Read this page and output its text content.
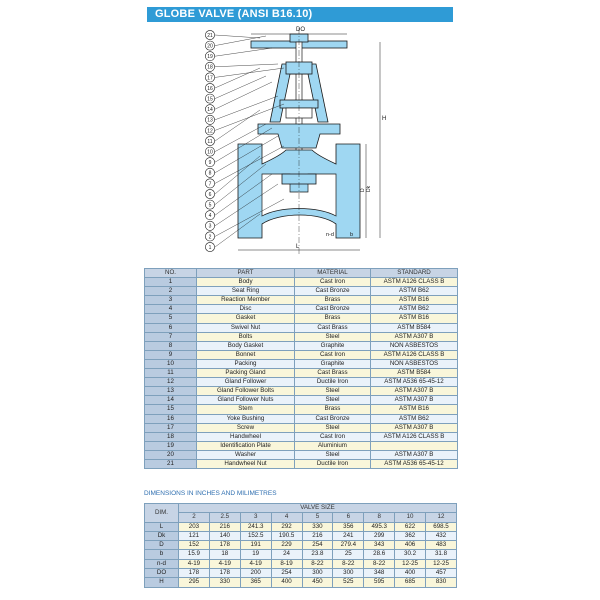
GLOBE VALVE (ANSI B16.10)
DO
H
L
D Dk
n-d	b
21
20
19
18
17
16
15
14
13
12
11
10
9
8
7
6
5
4
3
2
1
NO.	PART	MATERIAL	STANDARD
1	Body	Cast Iron	ASTM A126 CLASS B
2	Seat Ring	Cast Bronze	ASTM B62
3	Reaction Member	Brass	ASTM B16
4	Disc	Cast Bronze	ASTM B62
5	Gasket	Brass	ASTM B16
6	Swivel Nut	Cast Brass	ASTM B584
7	Bolts	Steel	ASTM A307 B
8	Body Gasket	Graphite	NON ASBESTOS
9	Bonnet	Cast Iron	ASTM A126 CLASS B
10	Packing	Graphite	NON ASBESTOS
11	Packing Gland	Cast Brass	ASTM B584
12	Gland Follower	Ductile Iron	ASTM A536 65-45-12
13	Gland Follower Bolts	Steel	ASTM A307 B
14	Gland Follower Nuts	Steel	ASTM A307 B
15	Stem	Brass	ASTM B16
16	Yoke Bushing	Cast Bronze	ASTM B62
17	Screw	Steel	ASTM A307 B
18	Handwheel	Cast Iron	ASTM A126 CLASS B
19	Identification Plate	Aluminium	
20	Washer	Steel	ASTM A307 B
21	Handwheel Nut	Ductile Iron	ASTM A536 65-45-12
DIMENSIONS IN INCHES AND MILIMETRES
DIM.	VALVE SIZE								
	2	2.5	3	4	5	6	8	10	12
L	203	216	241.3	292	330	356	495.3	622	698.5
Dk	121	140	152.5	190.5	216	241	299	362	432
D	152	178	191	229	254	279.4	343	406	483
b	15.9	18	19	24	23.8	25	28.6	30.2	31.8
n-d	4-19	4-19	4-19	8-19	8-22	8-22	8-22	12-25	12-25
DO	178	178	200	254	300	300	348	400	457
H	295	330	365	400	450	525	595	685	830
